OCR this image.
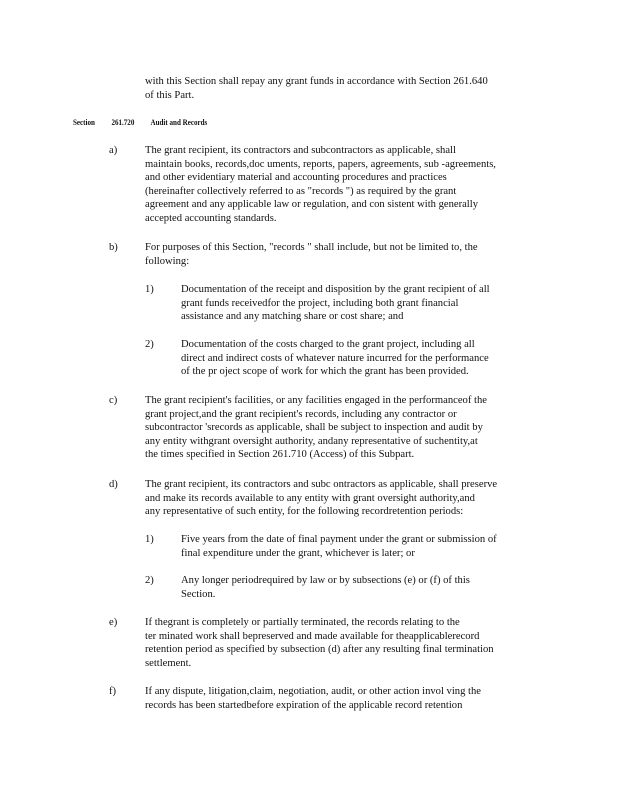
with this Section shall repay any grant funds in accordance with Section 261.640
of this Part.
Section 261.720 Audit and Records
a)	The grant recipient, its contractors and subcontractors as applicable, shall
maintain books, records,doc uments, reports, papers, agreements, sub -agreements,
and other evidentiary material and accounting procedures and practices
(hereinafter collectively referred to as "records ") as required by the grant
agreement and any applicable law or regulation, and con sistent with generally
accepted accounting standards.
b)	For purposes of this Section, "records " shall include, but not be limited to, the
following:
1)	Documentation of the receipt and disposition by the grant recipient of all
grant funds receivedfor the project, including both grant financial
assistance and any matching share or cost share; and
2)	Documentation of the costs charged to the grant project, including all
direct and indirect costs of whatever nature incurred for the performance
of the pr oject scope of work for which the grant has been provided.
c)	The grant recipient's facilities, or any facilities engaged in the performanceof the
grant project,and the grant recipient's records, including any contractor or
subcontractor 'srecords as applicable, shall be subject to inspection and audit by
any entity withgrant oversight authority, andany representative of suchentity,at
the times specified in Section 261.710 (Access) of this Subpart.
d)	The grant recipient, its contractors and subc ontractors as applicable, shall preserve
and make its records available to any entity with grant oversight authority,and
any representative of such entity, for the following recordretention periods:
1)	Five years from the date of final payment under the grant or submission of
final expenditure under the grant, whichever is later; or
2)	Any longer periodrequired by law or by subsections (e) or (f) of this
Section.
e)	If thegrant is completely or partially terminated, the records relating to the
ter minated work shall bepreserved and made available for theapplicablerecord
retention period as specified by subsection (d) after any resulting final termination
settlement.
f)	If any dispute, litigation,claim, negotiation, audit, or other action invol ving the
records has been startedbefore expiration of the applicable record retention
